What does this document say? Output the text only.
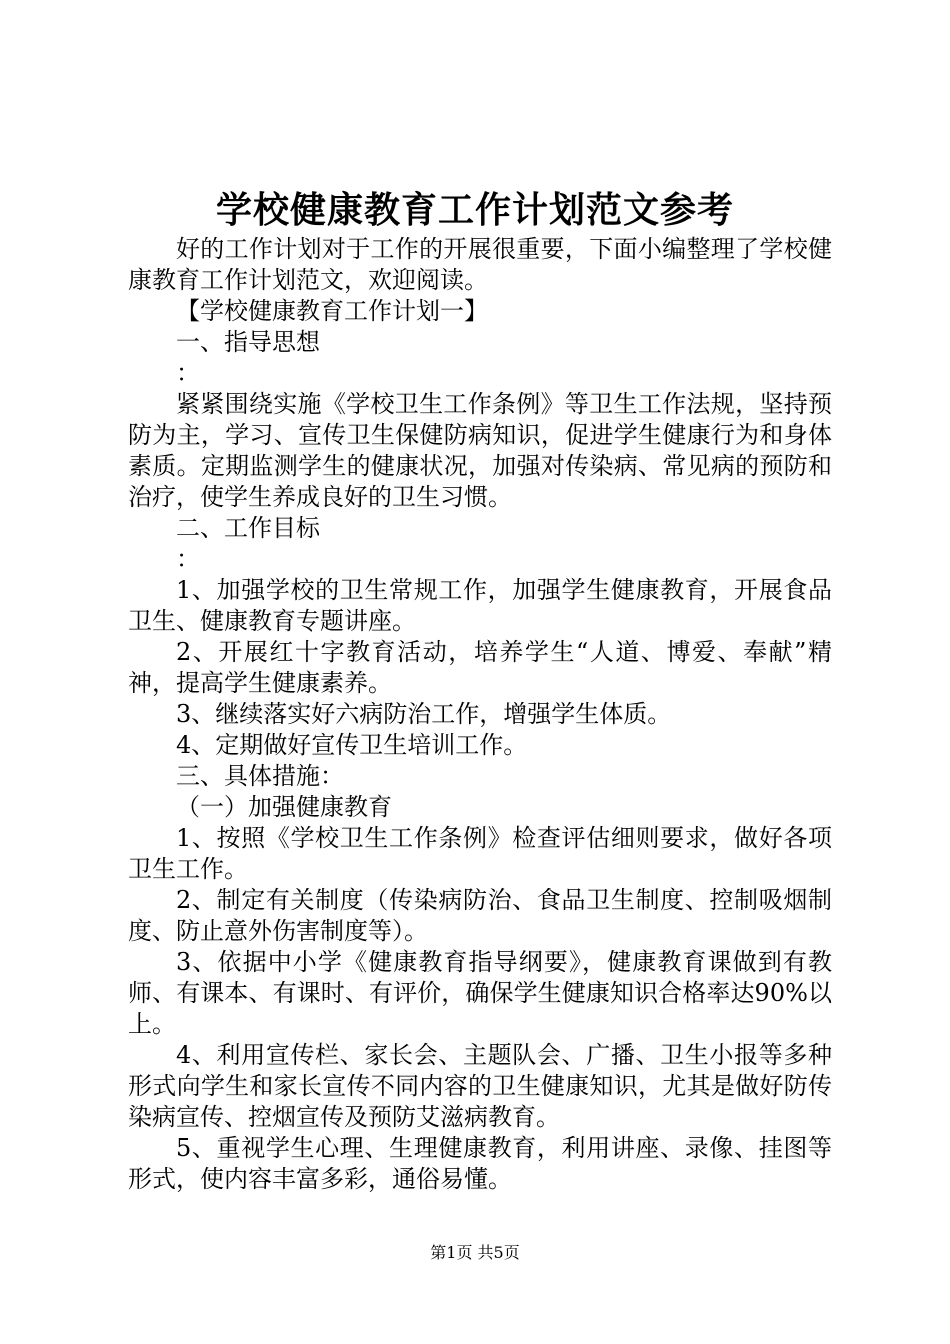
学校健康教育工作计划范文参考

好的工作计划对于工作的开展很重要，下面小编整理了学校健康教育工作计划范文，欢迎阅读。

【学校健康教育工作计划一】

一、指导思想

：

紧紧围绕实施《学校卫生工作条例》等卫生工作法规，坚持预防为主，学习、宣传卫生保健防病知识，促进学生健康行为和身体素质。定期监测学生的健康状况，加强对传染病、常见病的预防和治疗，使学生养成良好的卫生习惯。

二、工作目标

：

1、加强学校的卫生常规工作，加强学生健康教育，开展食品卫生、健康教育专题讲座。

2、开展红十字教育活动，培养学生“人道、博爱、奉献”精神，提高学生健康素养。

3、继续落实好六病防治工作，增强学生体质。

4、定期做好宣传卫生培训工作。

三、具体措施：

（一）加强健康教育

1、按照《学校卫生工作条例》检查评估细则要求，做好各项卫生工作。

2、制定有关制度（传染病防治、食品卫生制度、控制吸烟制度、防止意外伤害制度等）。

3、依据中小学《健康教育指导纲要》，健康教育课做到有教师、有课本、有课时、有评价，确保学生健康知识合格率达90%以上。

4、利用宣传栏、家长会、主题队会、广播、卫生小报等多种形式向学生和家长宣传不同内容的卫生健康知识，尤其是做好防传染病宣传、控烟宣传及预防艾滋病教育。

5、重视学生心理、生理健康教育，利用讲座、录像、挂图等形式，使内容丰富多彩，通俗易懂。

第1页 共5页
